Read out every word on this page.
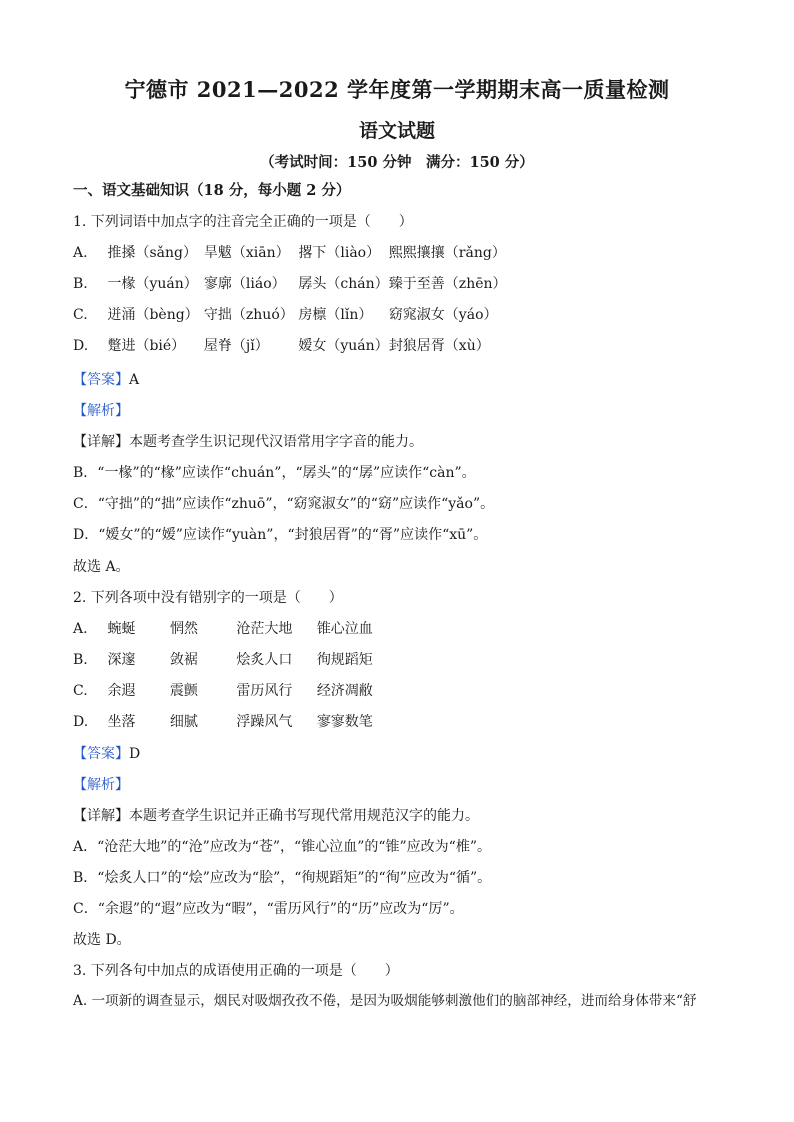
宁德市 2021—2022 学年度第一学期期末高一质量检测
语文试题
（考试时间：150 分钟　满分：150 分）
一、语文基础知识（18 分，每小题 2 分）
1. 下列词语中加点字的注音完全正确的一项是（　　）
A. 推搡（sǎng） 旱魃（xiān） 撂下（liào） 熙熙攘攘（rǎng）
B. 一椽（yuán） 寥廓（liáo） 孱头（chán） 臻于至善（zhēn）
C. 迸涌（bèng） 守拙（zhuó） 房檩（lǐn） 窈窕淑女（yáo）
D. 蹩进（bié） 屋脊（jǐ） 嫒女（yuán） 封狼居胥（xù）
【答案】A
【解析】
【详解】本题考查学生识记现代汉语常用字字音的能力。
B．“一椽”的“椽”应读作“chuán”，“孱头”的“孱”应读作“càn”。
C．“守拙”的“拙”应读作“zhuō”，“窈窕淑女”的“窈”应读作“yǎo”。
D．“嫒女”的“嫒”应读作“yuàn”，“封狼居胥”的“胥”应读作“xū”。
故选 A。
2. 下列各项中没有错别字的一项是（　　）
A. 蜿蜒 惘然	沧茫大地 锥心泣血
B. 深邃 敛裾	烩炙人口 徇规蹈矩
C. 余遐 震颤	雷历风行 经济凋敝
D. 坐落 细腻	浮躁风气 寥寥数笔
【答案】D
【解析】
【详解】本题考查学生识记并正确书写现代常用规范汉字的能力。
A．“沧茫大地”的“沧”应改为“苍”，“锥心泣血”的“锥”应改为“椎”。
B．“烩炙人口”的“烩”应改为“脍”，“徇规蹈矩”的“徇”应改为“循”。
C．“余遐”的“遐”应改为“暇”，“雷历风行”的“历”应改为“厉”。
故选 D。
3. 下列各句中加点的成语使用正确的一项是（　　）
A. 一项新的调查显示，烟民对吸烟孜孜不倦，是因为吸烟能够刺激他们的脑部神经，进而给身体带来“舒
